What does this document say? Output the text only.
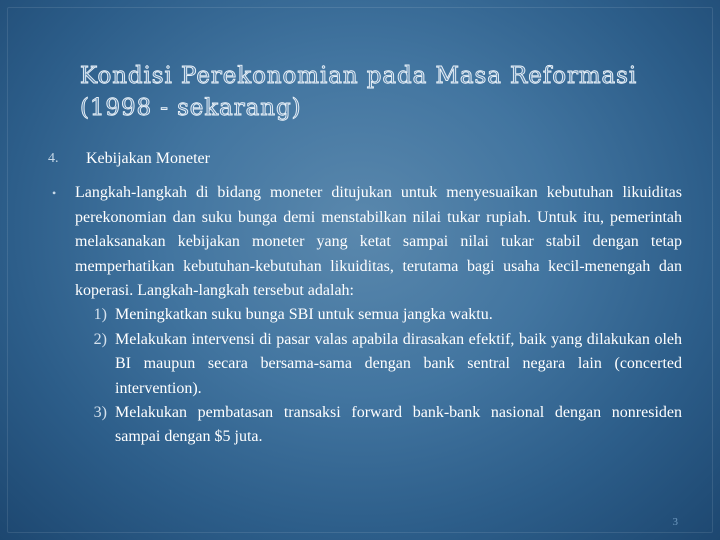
Kondisi Perekonomian pada Masa Reformasi
(1998 - sekarang)
4.	Kebijakan Moneter
•	Langkah-langkah di bidang moneter ditujukan untuk menyesuaikan kebutuhan likuiditas perekonomian dan suku bunga demi menstabilkan nilai tukar rupiah. Untuk itu, pemerintah melaksanakan kebijakan moneter yang ketat sampai nilai tukar stabil dengan tetap memperhatikan kebutuhan-kebutuhan likuiditas, terutama bagi usaha kecil-menengah dan koperasi. Langkah-langkah tersebut adalah:
1) Meningkatkan suku bunga SBI untuk semua jangka waktu.
2) Melakukan intervensi di pasar valas apabila dirasakan efektif, baik yang dilakukan oleh BI maupun secara bersama-sama dengan bank sentral negara lain (concerted intervention).
3) Melakukan pembatasan transaksi forward bank-bank nasional dengan nonresiden sampai dengan $5 juta.
3
